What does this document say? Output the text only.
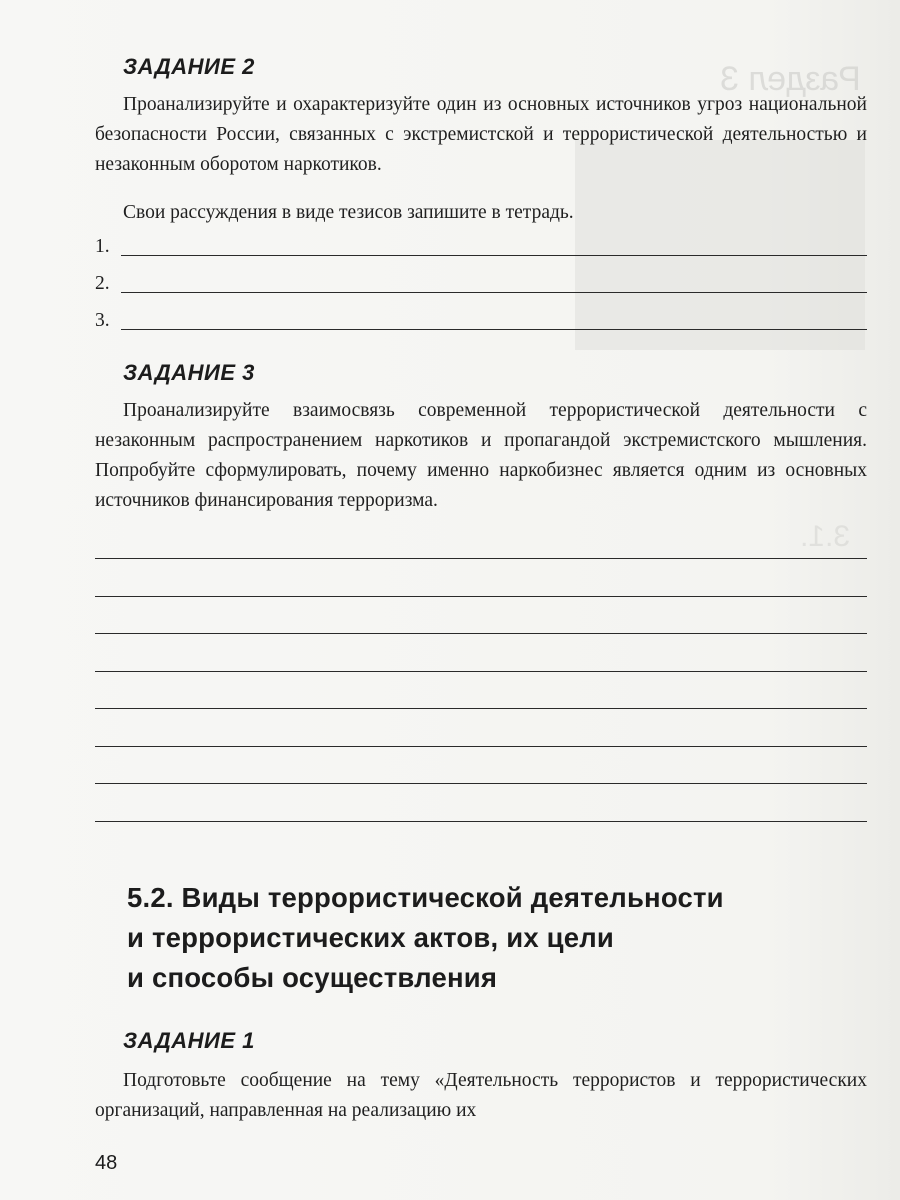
Раздел 3
3.1.
ЗАДАНИЕ 2

Проанализируйте и охарактеризуйте один из основных источников угроз национальной безопасности России, связанных с экстремистской и террористической деятельностью и незаконным оборотом наркотиков.

Свои рассуждения в виде тезисов запишите в тетрадь.

1.
2.
3.
ЗАДАНИЕ 3

Проанализируйте взаимосвязь современной террористической деятельности с незаконным распространением наркотиков и пропагандой экстремистского мышления. Попробуйте сформулировать, почему именно наркобизнес является одним из основных источников финансирования терроризма.

5.2. Виды террористической деятельности
и террористических актов, их цели
и способы осуществления
ЗАДАНИЕ 1

Подготовьте сообщение на тему «Деятельность террористов и террористических организаций, направленная на реализацию их

48
